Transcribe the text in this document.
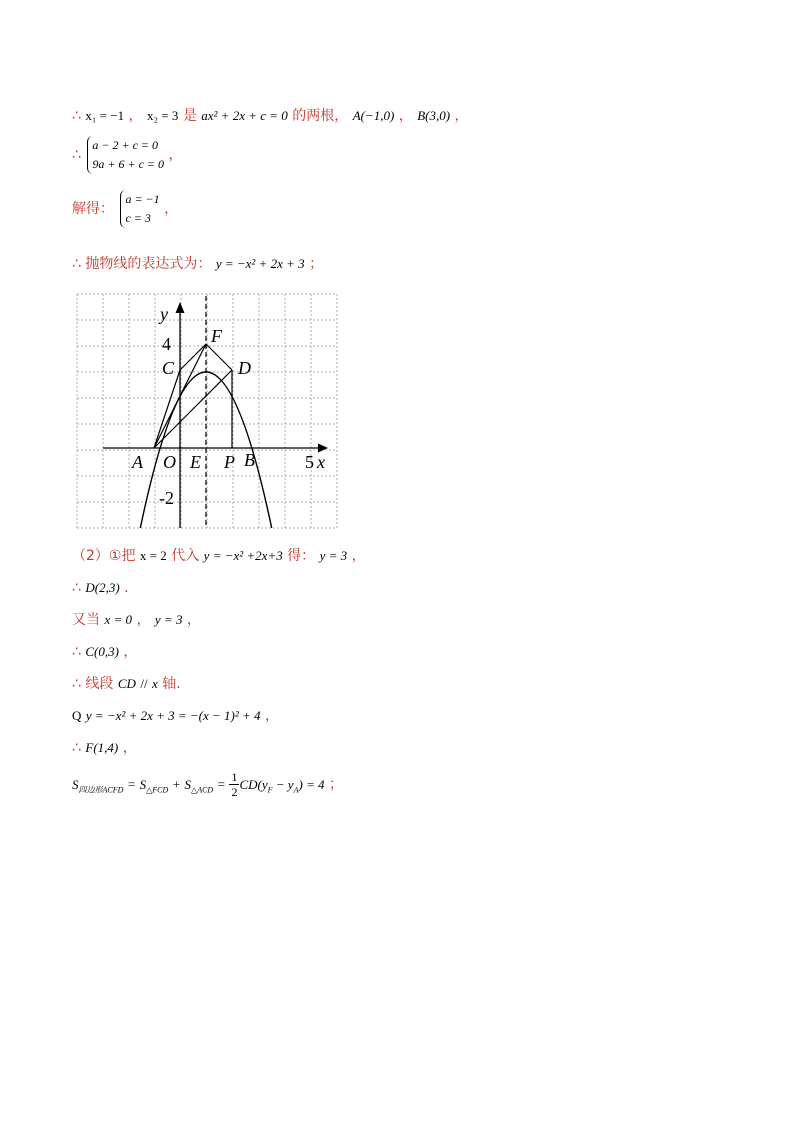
∴ x₁ = −1 ， x₂ = 3 是 ax² + 2x + c = 0 的两根， A(−1,0) ， B(3,0) ，
∴
a − 2 + c = 0
9a + 6 + c = 0
，
解得：
a = −1
c = 3
，
∴ 抛物线的表达式为： y = −x² + 2x + 3 ；
y
F
C	D
A O E P B	x
4
5
-2
（2）①把 x = 2 代入 y = −x² +2x+3 得： y = 3 ，
∴ D(2,3) .
又当 x = 0 ， y = 3 ，
∴ C(0,3) ，
∴ 线段 CD // x 轴.
Q y = −x² + 2x + 3 = −(x − 1)² + 4 ，
∴ F(1,4) ，
$S_{四边形ACFD} = S_{\triangle FCD} + S_{\triangle ACD} = \frac{1}{2} CD(y_F - y_A) = 4$ ；
